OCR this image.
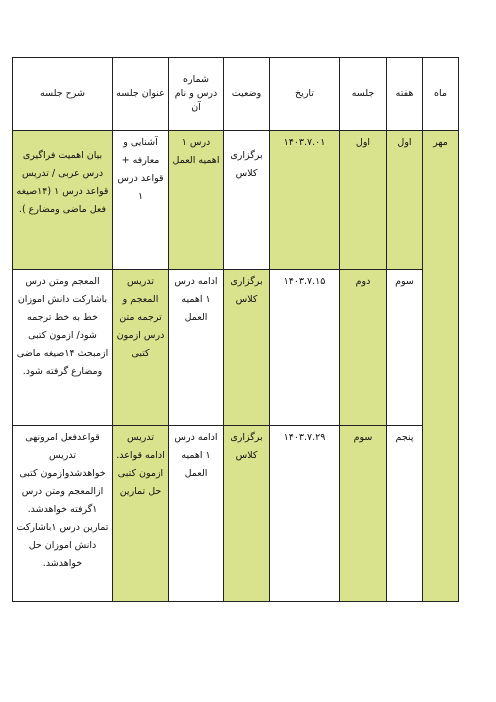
ماه	هفته	جلسه	تاریخ	وضعیت	شماره درس و نام آن	عنوان جلسه	شرح جلسه
مهر	اول	اول	۱۴۰۳.۷.۰۱	برگزاری کلاس	درس ۱ اهمیه العمل	آشنایی و معارفه + قواعد درس ۱	بیان اهمیت فراگیری درس عربی / تدریس قواعد درس ۱ (۱۴صیغه فعل ماضی ومضارع ).
	سوم	دوم	۱۴۰۳.۷.۱۵	برگزاری کلاس	ادامه درس ۱ اهمیه العمل	تدریس المعجم و ترجمه متن درس ازمون کتبی	المعجم ومتن درس باشارکت دانش اموزان خط به خط ترجمه شود/ ازمون کتبی ازمبحث ۱۴صیغه ماضی ومضارع گرفته شود.
	پنجم	سوم	۱۴۰۳.۷.۲۹	برگزاری کلاس	ادامه درس ۱ اهمیه العمل	تدریس ادامه قواعد. ازمون کتبی حل تمارین	قواعدفعل امرونهی تدریس خواهدشدوازمون کتبی ازالمعجم ومتن درس ۱گرفته خواهدشد. تمارین درس ۱باشارکت دانش اموزان حل خواهدشد.
